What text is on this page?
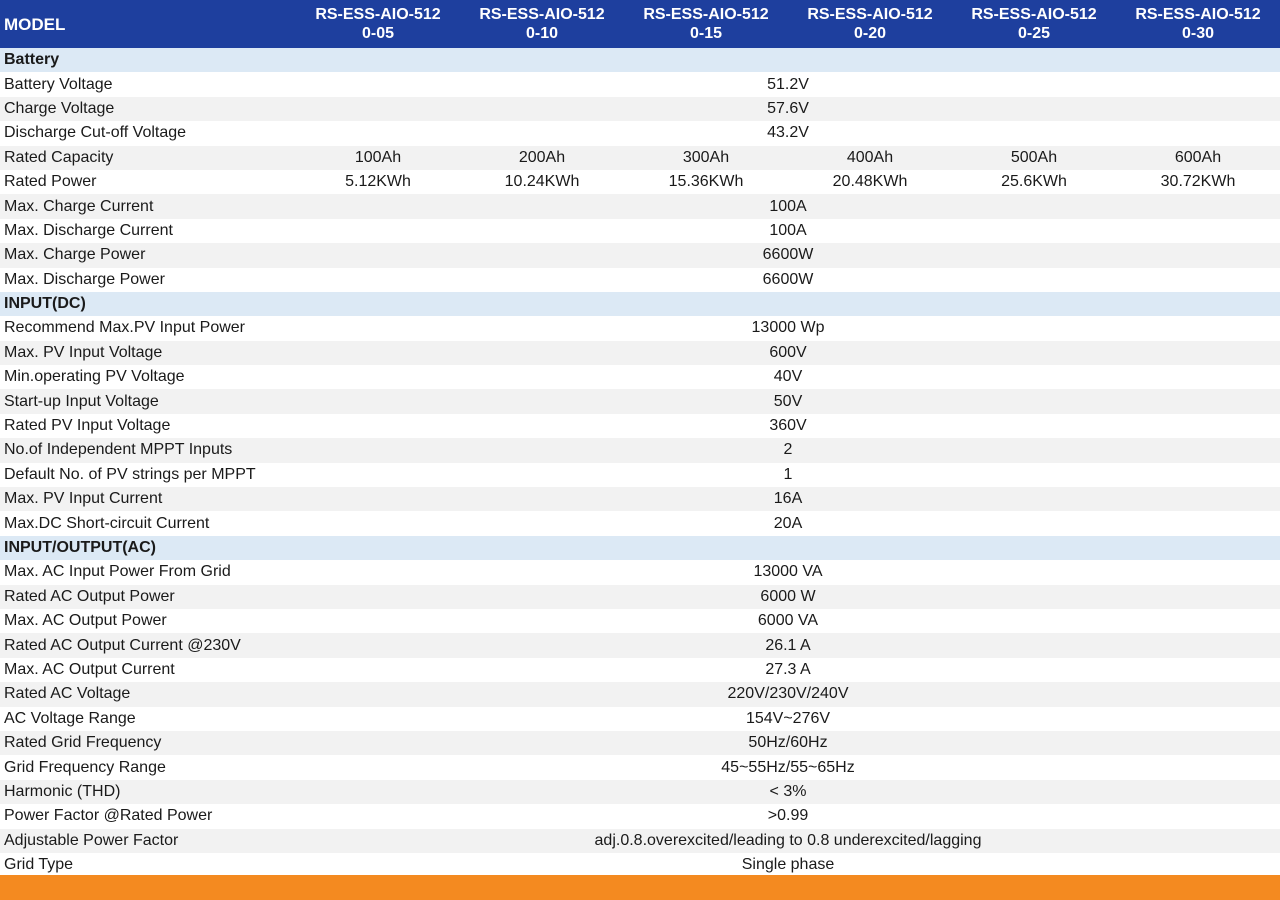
MODEL	RS-ESS-AIO-5120-05	RS-ESS-AIO-5120-10	RS-ESS-AIO-5120-15	RS-ESS-AIO-5120-20	RS-ESS-AIO-5120-25	RS-ESS-AIO-5120-30
Battery						
Battery Voltage	51.2V					
Charge Voltage	57.6V					
Discharge Cut-off Voltage	43.2V					
Rated Capacity	100Ah	200Ah	300Ah	400Ah	500Ah	600Ah
Rated Power	5.12KWh	10.24KWh	15.36KWh	20.48KWh	25.6KWh	30.72KWh
Max. Charge Current	100A					
Max. Discharge Current	100A					
Max. Charge Power	6600W					
Max. Discharge Power	6600W					
INPUT(DC)						
Recommend Max.PV Input Power	13000 Wp					
Max. PV Input Voltage	600V					
Min.operating PV Voltage	40V					
Start-up Input Voltage	50V					
Rated PV Input Voltage	360V					
No.of Independent MPPT Inputs	2					
Default No. of PV strings per MPPT	1					
Max. PV Input Current	16A					
Max.DC Short-circuit Current	20A					
INPUT/OUTPUT(AC)						
Max. AC Input Power From Grid	13000 VA					
Rated AC Output Power	6000 W					
Max. AC Output Power	6000 VA					
Rated AC Output Current @230V	26.1 A					
Max. AC Output Current	27.3 A					
Rated AC Voltage	220V/230V/240V					
AC Voltage Range	154V~276V					
Rated Grid Frequency	50Hz/60Hz					
Grid Frequency Range	45~55Hz/55~65Hz					
Harmonic (THD)	< 3%					
Power Factor @Rated Power	>0.99					
Adjustable Power Factor	adj.0.8.overexcited/leading to 0.8 underexcited/lagging					
Grid Type	Single phase					
